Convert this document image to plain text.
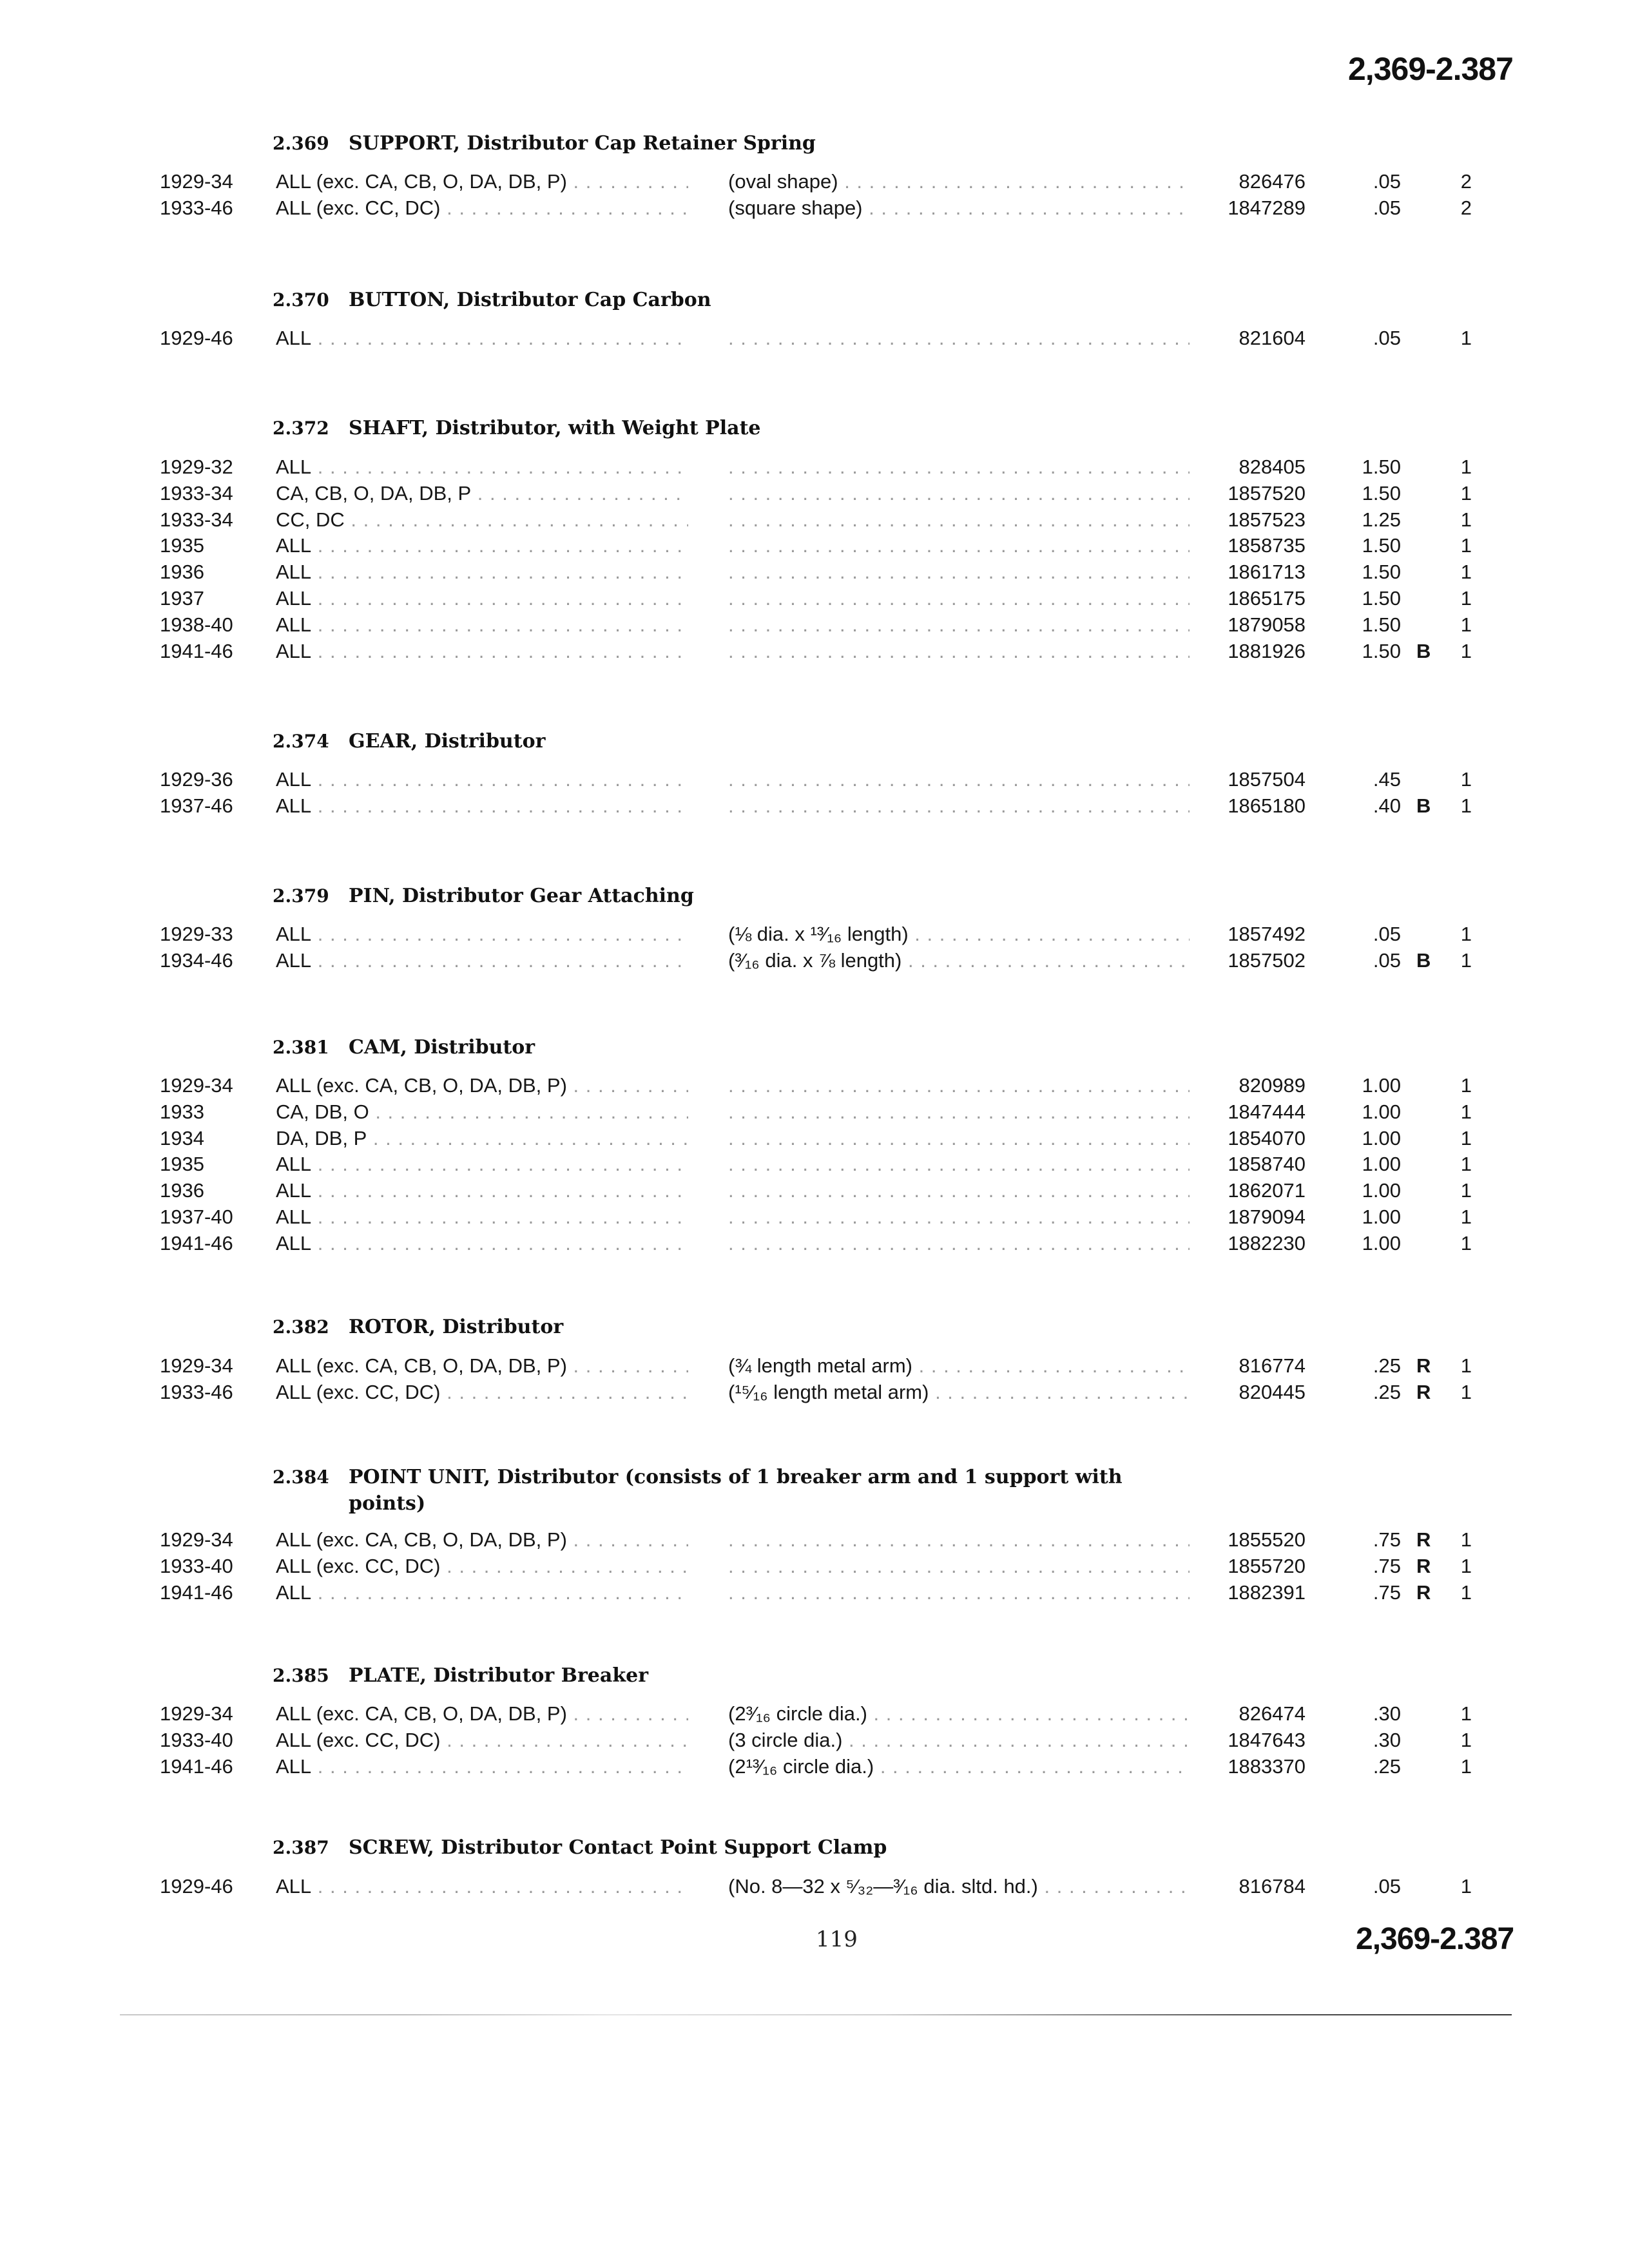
2,369-2.387
2.369 SUPPORT, Distributor Cap Retainer Spring
1929-34 ALL (exc. CA, CB, O, DA, DB, P) . . .	(oval shape) . . .	826476	.05	2
1933-46 ALL (exc. CC, DC) . . .	(square shape) . . .	1847289	.05	2
2.370 BUTTON, Distributor Cap Carbon
1929-46 ALL . . . . . .	821604	.05	1
2.372 SHAFT, Distributor, with Weight Plate
1929-32 ALL . . . . . .	828405	1.50	1
1933-34 CA, CB, O, DA, DB, P . . . . . .	1857520	1.50	1
1933-34 CC, DC . . . . . .	1857523	1.25	1
1935	ALL . . . . . .	1858735	1.50	1
1936	ALL . . . . . .	1861713	1.50	1
1937	ALL . . . . . .	1865175	1.50	1
1938-40 ALL . . . . . .	1879058	1.50	1
1941-46 ALL . . . . . .	1881926	1.50 B	1
2.374 GEAR, Distributor
1929-36 ALL . . . . . .	1857504	.45	1
1937-46 ALL . . . . . .	1865180	.40 B	1
2.379 PIN, Distributor Gear Attaching
1929-33 ALL . . .	(⅛ dia. x ¹³⁄₁₆ length) . . .	1857492	.05	1
1934-46 ALL . . .	(³⁄₁₆ dia. x ⅞ length) . . .	1857502	.05 B	1
2.381 CAM, Distributor
1929-34 ALL (exc. CA, CB, O, DA, DB, P) . . . . . .	820989	1.00	1
1933	CA, DB, O . . . . . .	1847444	1.00	1
1934	DA, DB, P . . . . . .	1854070	1.00	1
1935	ALL . . . . . .	1858740	1.00	1
1936	ALL . . . . . .	1862071	1.00	1
1937-40 ALL . . . . . .	1879094	1.00	1
1941-46 ALL . . . . . .	1882230	1.00	1
2.382 ROTOR, Distributor
1929-34 ALL (exc. CA, CB, O, DA, DB, P) . . .	(¾ length metal arm) . . .	816774	.25 R	1
1933-46 ALL (exc. CC, DC) . . .	(¹⁵⁄₁₆ length metal arm) . . .	820445	.25 R	1
2.384 POINT UNIT, Distributor (consists of 1 breaker arm and 1 support with
points)
1929-34 ALL (exc. CA, CB, O, DA, DB, P) . . . . . .	1855520	.75 R	1
1933-40 ALL (exc. CC, DC) . . . . . .	1855720	.75 R	1
1941-46 ALL . . . . . .	1882391	.75 R	1
2.385 PLATE, Distributor Breaker
1929-34 ALL (exc. CA, CB, O, DA, DB, P) . . .	(2³⁄₁₆ circle dia.) . . .	826474	.30	1
1933-40 ALL (exc. CC, DC) . . .	(3 circle dia.) . . .	1847643	.30	1
1941-46 ALL . . .	(2¹³⁄₁₆ circle dia.) . . .	1883370	.25	1
2.387 SCREW, Distributor Contact Point Support Clamp
1929-46 ALL . . .	(No. 8—32 x ⁵⁄₃₂—³⁄₁₆ dia. sltd. hd.) . . .	816784	.05	1
119	2,369-2.387
